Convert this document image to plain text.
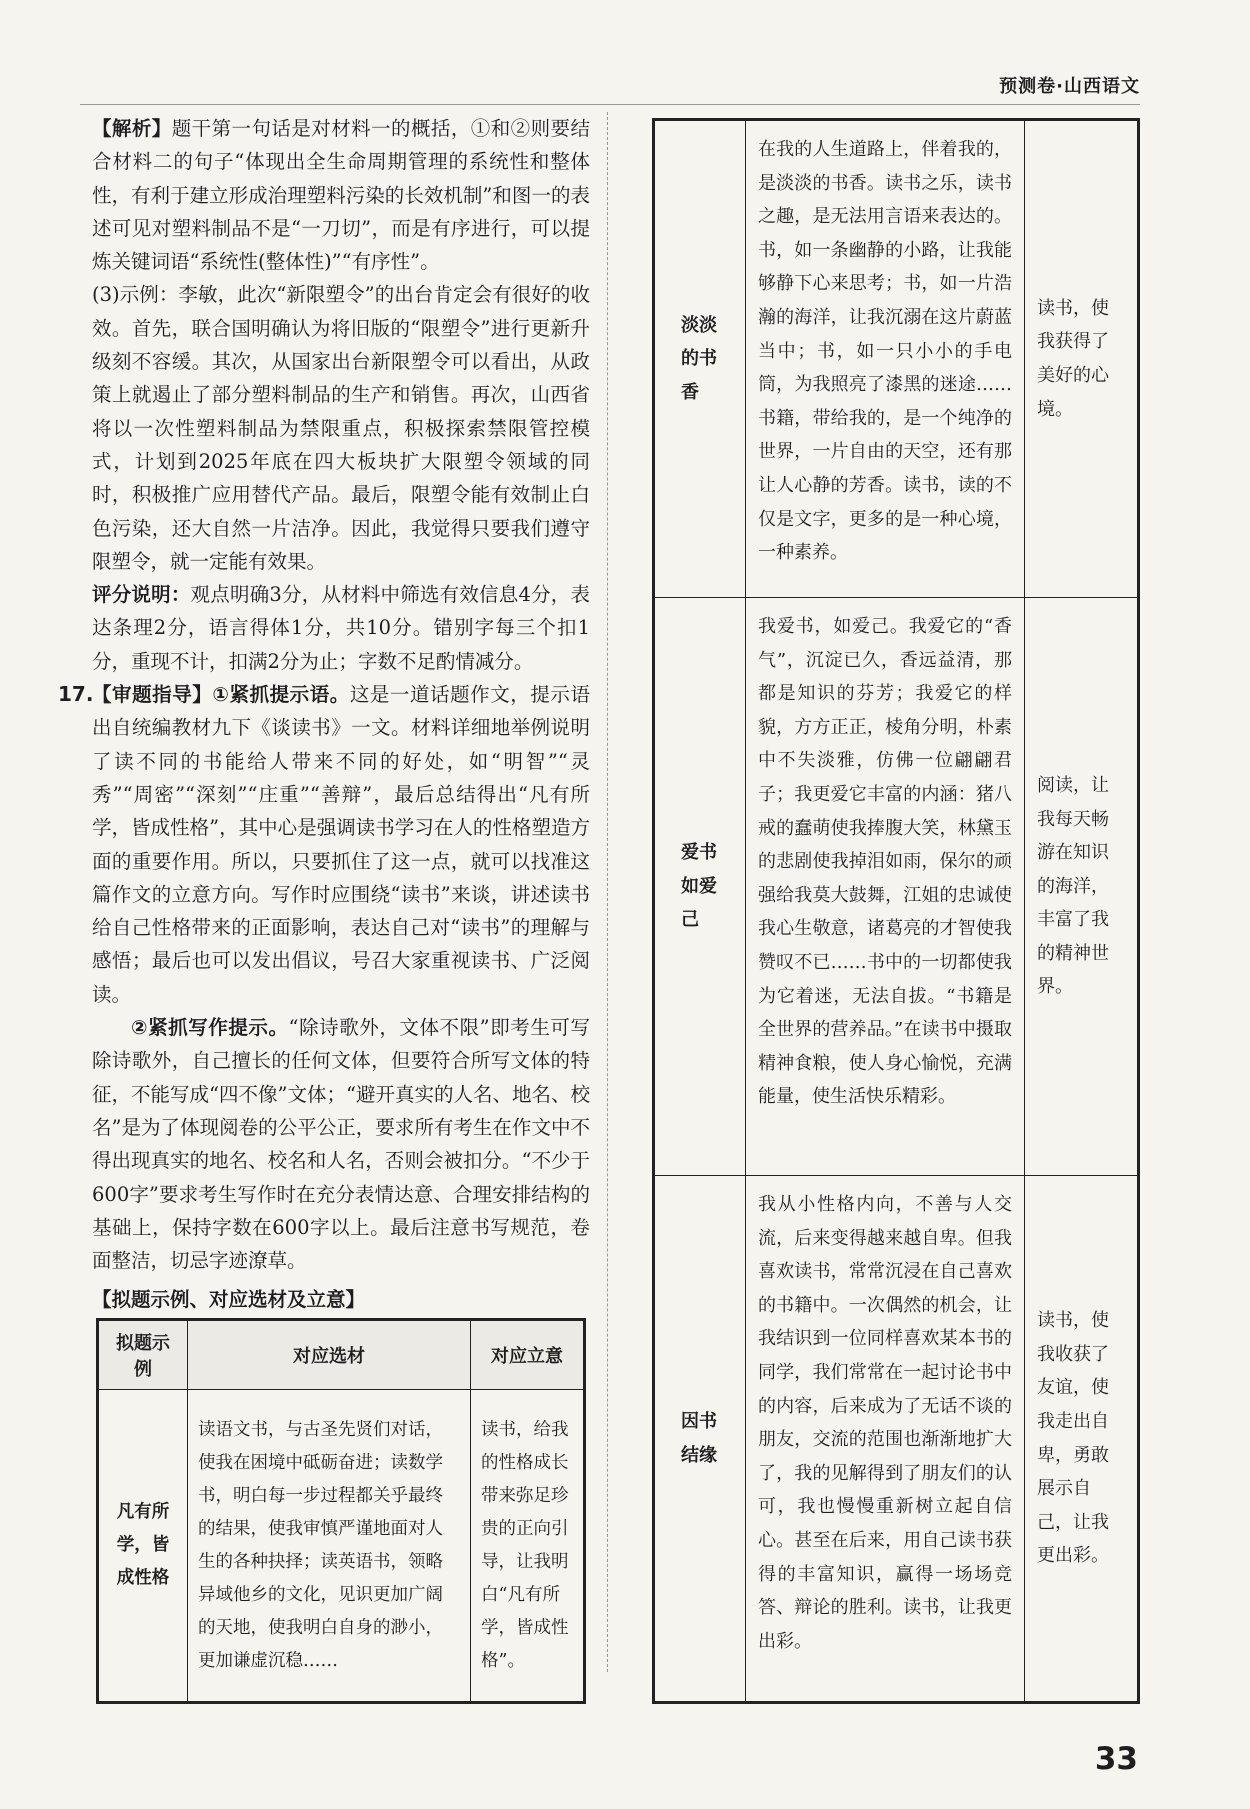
预测卷·山西语文

【解析】题干第一句话是对材料一的概括，①和②则要结合材料二的句子“体现出全生命周期管理的系统性和整体性，有利于建立形成治理塑料污染的长效机制”和图一的表述可见对塑料制品不是“一刀切”，而是有序进行，可以提炼关键词语“系统性(整体性)”“有序性”。

(3)示例：李敏，此次“新限塑令”的出台肯定会有很好的收效。首先，联合国明确认为将旧版的“限塑令”进行更新升级刻不容缓。其次，从国家出台新限塑令可以看出，从政策上就遏止了部分塑料制品的生产和销售。再次，山西省将以一次性塑料制品为禁限重点，积极探索禁限管控模式，计划到2025年底在四大板块扩大限塑令领域的同时，积极推广应用替代产品。最后，限塑令能有效制止白色污染，还大自然一片洁净。因此，我觉得只要我们遵守限塑令，就一定能有效果。

评分说明：观点明确3分，从材料中筛选有效信息4分，表达条理2分，语言得体1分，共10分。错别字每三个扣1分，重现不计，扣满2分为止；字数不足酌情减分。

17.
【审题指导】①紧抓提示语。这是一道话题作文，提示语出自统编教材九下《谈读书》一文。材料详细地举例说明了读不同的书能给人带来不同的好处，如“明智”“灵秀”“周密”“深刻”“庄重”“善辩”，最后总结得出“凡有所学，皆成性格”，其中心是强调读书学习在人的性格塑造方面的重要作用。所以，只要抓住了这一点，就可以找准这篇作文的立意方向。写作时应围绕“读书”来谈，讲述读书给自己性格带来的正面影响，表达自己对“读书”的理解与感悟；最后也可以发出倡议，号召大家重视读书、广泛阅读。

②紧抓写作提示。“除诗歌外，文体不限”即考生可写除诗歌外，自己擅长的任何文体，但要符合所写文体的特征，不能写成“四不像”文体；“避开真实的人名、地名、校名”是为了体现阅卷的公平公正，要求所有考生在作文中不得出现真实的地名、校名和人名，否则会被扣分。“不少于600字”要求考生写作时在充分表情达意、合理安排结构的基础上，保持字数在600字以上。最后注意书写规范，卷面整洁，切忌字迹潦草。

【拟题示例、对应选材及立意】

拟题示例	对应选材	对应立意
凡有所学，皆成性格	读语文书，与古圣先贤们对话，使我在困境中砥砺奋进；读数学书，明白每一步过程都关乎最终的结果，使我审慎严谨地面对人生的各种抉择；读英语书，领略异域他乡的文化，见识更加广阔的天地，使我明白自身的渺小，更加谦虚沉稳……	读书，给我的性格成长带来弥足珍贵的正向引导，让我明白“凡有所学，皆成性格”。
淡淡的书香	在我的人生道路上，伴着我的，是淡淡的书香。读书之乐，读书之趣，是无法用言语来表达的。书，如一条幽静的小路，让我能够静下心来思考；书，如一片浩瀚的海洋，让我沉溺在这片蔚蓝当中；书，如一只小小的手电筒，为我照亮了漆黑的迷途……书籍，带给我的，是一个纯净的世界，一片自由的天空，还有那让人心静的芳香。读书，读的不仅是文字，更多的是一种心境，一种素养。	读书，使我获得了美好的心境。
爱书如爱己	我爱书，如爱己。我爱它的“香气”，沉淀已久，香远益清，那都是知识的芬芳；我爱它的样貌，方方正正，棱角分明，朴素中不失淡雅，仿佛一位翩翩君子；我更爱它丰富的内涵：猪八戒的蠢萌使我捧腹大笑，林黛玉的悲剧使我掉泪如雨，保尔的顽强给我莫大鼓舞，江姐的忠诚使我心生敬意，诸葛亮的才智使我赞叹不已……书中的一切都使我为它着迷，无法自拔。“书籍是全世界的营养品。”在读书中摄取精神食粮，使人身心愉悦，充满能量，使生活快乐精彩。	阅读，让我每天畅游在知识的海洋，丰富了我的精神世界。
因书结缘	我从小性格内向，不善与人交流，后来变得越来越自卑。但我喜欢读书，常常沉浸在自己喜欢的书籍中。一次偶然的机会，让我结识到一位同样喜欢某本书的同学，我们常常在一起讨论书中的内容，后来成为了无话不谈的朋友，交流的范围也渐渐地扩大了，我的见解得到了朋友们的认可，我也慢慢重新树立起自信心。甚至在后来，用自己读书获得的丰富知识，赢得一场场竞答、辩论的胜利。读书，让我更出彩。	读书，使我收获了友谊，使我走出自卑，勇敢展示自己，让我更出彩。
33
